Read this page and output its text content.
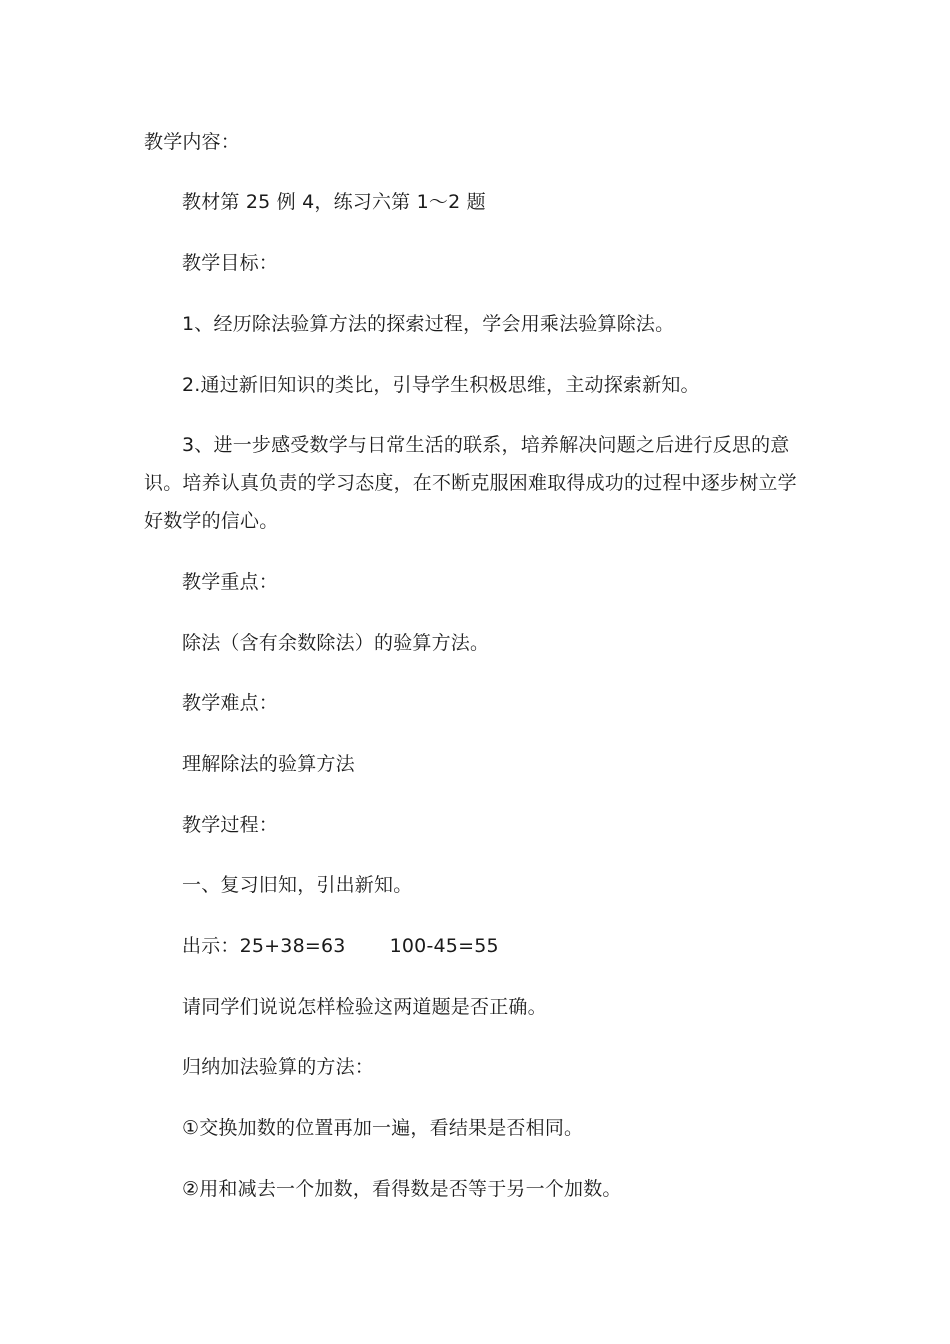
教学内容：
教材第 25 例 4，练习六第 1～2 题
教学目标：
1、经历除法验算方法的探索过程，学会用乘法验算除法。
2.通过新旧知识的类比，引导学生积极思维，主动探索新知。
3、进一步感受数学与日常生活的联系，培养解决问题之后进行反思的意
识。培养认真负责的学习态度，在不断克服困难取得成功的过程中逐步树立学
好数学的信心。
教学重点：
除法（含有余数除法）的验算方法。
教学难点：
理解除法的验算方法
教学过程：
一、复习旧知，引出新知。
出示：25+38=63 100-45=55
请同学们说说怎样检验这两道题是否正确。
归纳加法验算的方法：
①交换加数的位置再加一遍，看结果是否相同。
②用和减去一个加数，看得数是否等于另一个加数。
